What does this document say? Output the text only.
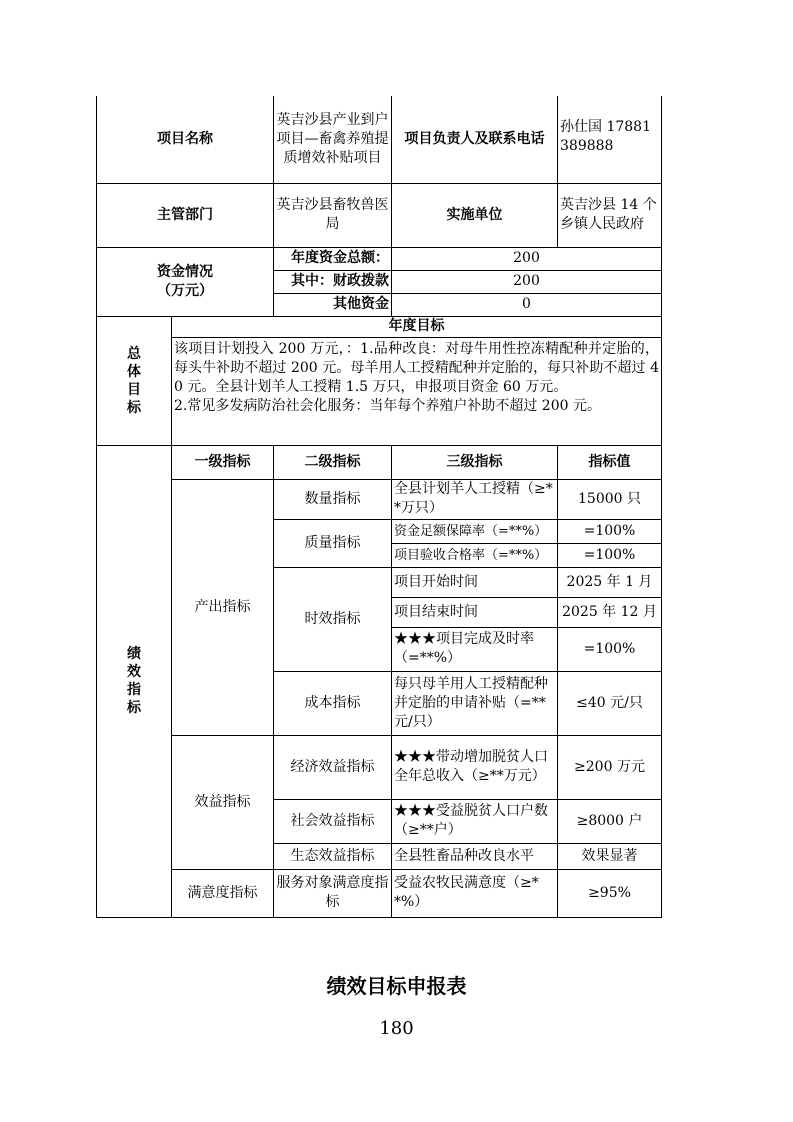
项目名称		英吉沙县产业到户项目—畜禽养殖提质增效补贴项目	项目负责人及联系电话	孙仕国 17881389888
主管部门		英吉沙县畜牧兽医局	实施单位	英吉沙县 14 个乡镇人民政府
资金情况
（万元）		年度资金总额：	200	
		其中：财政拨款	200	
		其他资金	0	

总体目标	年度目标			
	该项目计划投入 200 万元，：1.品种改良：对母牛用性控冻精配种并定胎的，每头牛补助不超过 200 元。母羊用人工授精配种并定胎的，每只补助不超过 40 元。全县计划羊人工授精 1.5 万只，申报项目资金 60 万元。
2.常见多发病防治社会化服务：当年每个养殖户补助不超过 200 元。			

绩效指标	一级指标	二级指标	三级指标	指标值
	产出指标	数量指标	全县计划羊人工授精（≥**万只）	15000 只
		质量指标	资金足额保障率（=**%）	=100%
			项目验收合格率（=**%）	=100%
		时效指标	项目开始时间	2025 年 1 月
			项目结束时间	2025 年 12 月
			★★★项目完成及时率（=**%）	=100%
		成本指标	每只母羊用人工授精配种并定胎的申请补贴（=**元/只）	≤40 元/只
	效益指标	经济效益指标	★★★带动增加脱贫人口全年总收入（≥**万元）	≥200 万元
		社会效益指标	★★★受益脱贫人口户数（≥**户）	≥8000 户
		生态效益指标	全县牲畜品种改良水平	效果显著
	满意度指标	服务对象满意度指标	受益农牧民满意度（≥**%）	≥95%
绩效目标申报表
180
